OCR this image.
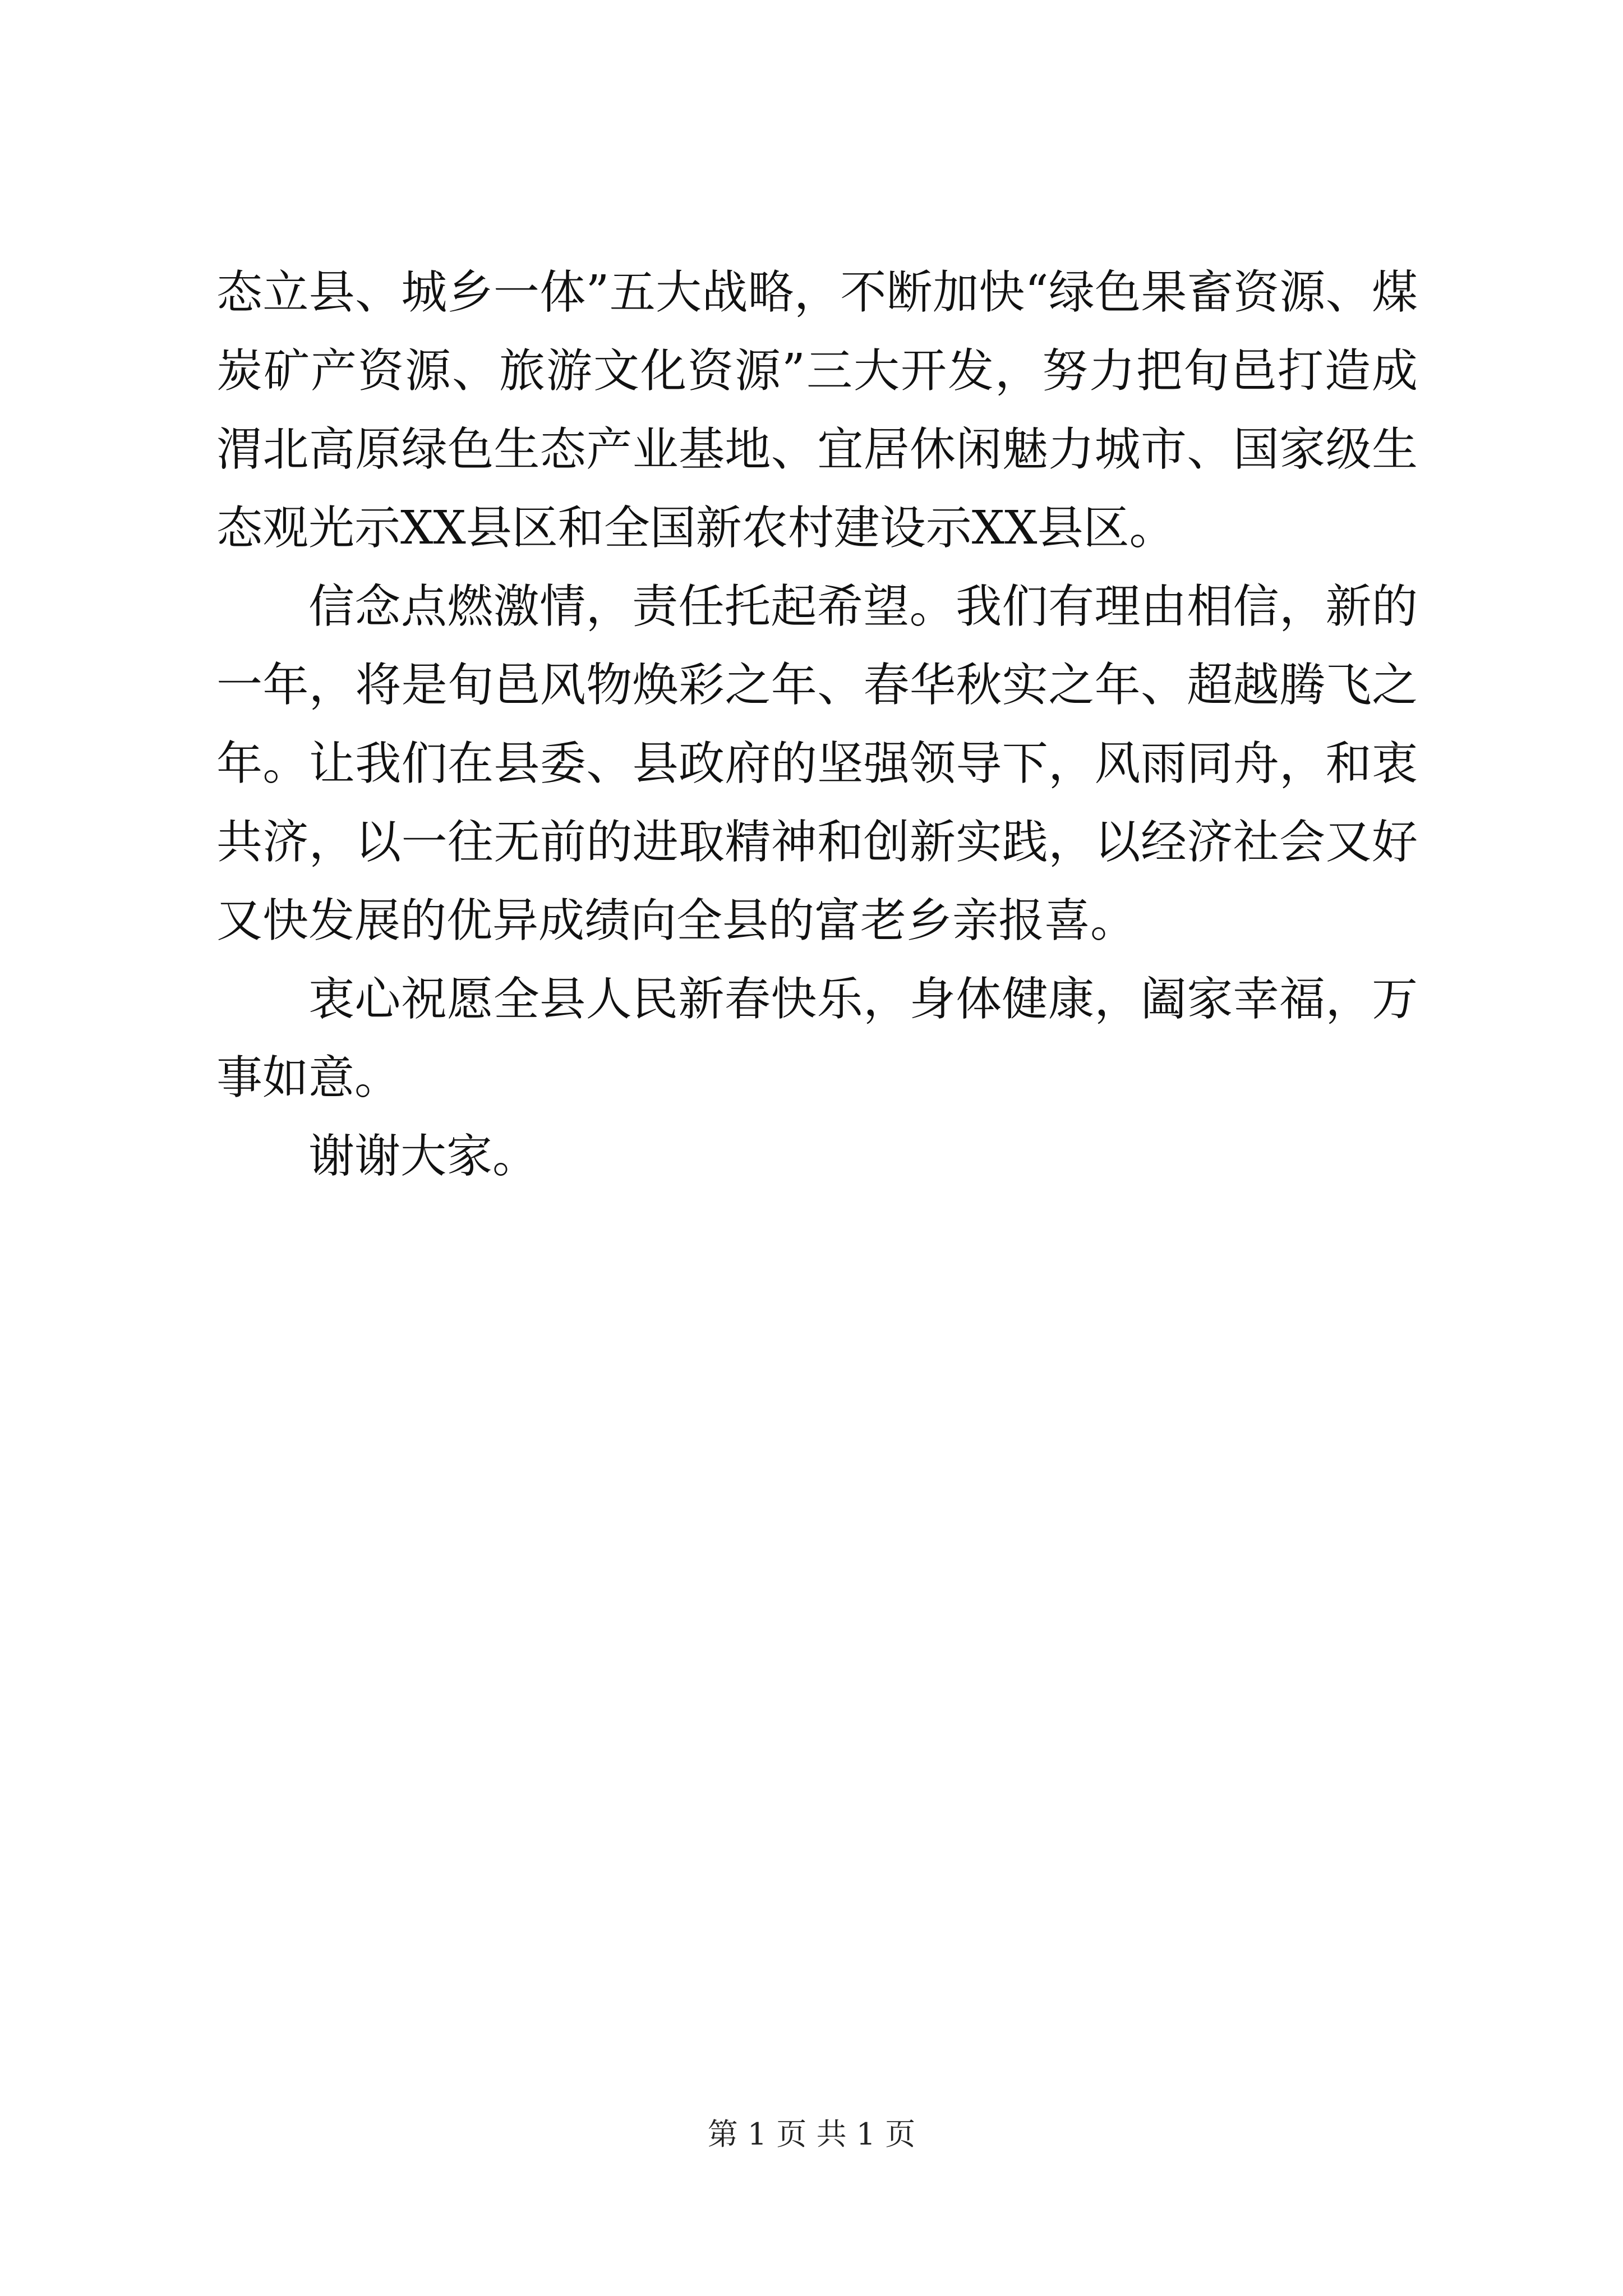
态立县、城乡一体”五大战略，不断加快“绿色果畜资源、煤炭矿产资源、旅游文化资源”三大开发，努力把旬邑打造成渭北高原绿色生态产业基地、宜居休闲魅力城市、国家级生态观光示XX县区和全国新农村建设示XX县区。

信念点燃激情，责任托起希望。我们有理由相信，新的一年，将是旬邑风物焕彩之年、春华秋实之年、超越腾飞之年。让我们在县委、县政府的坚强领导下，风雨同舟，和衷共济，以一往无前的进取精神和创新实践，以经济社会又好又快发展的优异成绩向全县的富老乡亲报喜。

衷心祝愿全县人民新春快乐，身体健康，阖家幸福，万事如意。

谢谢大家。

第 1 页 共 1 页
